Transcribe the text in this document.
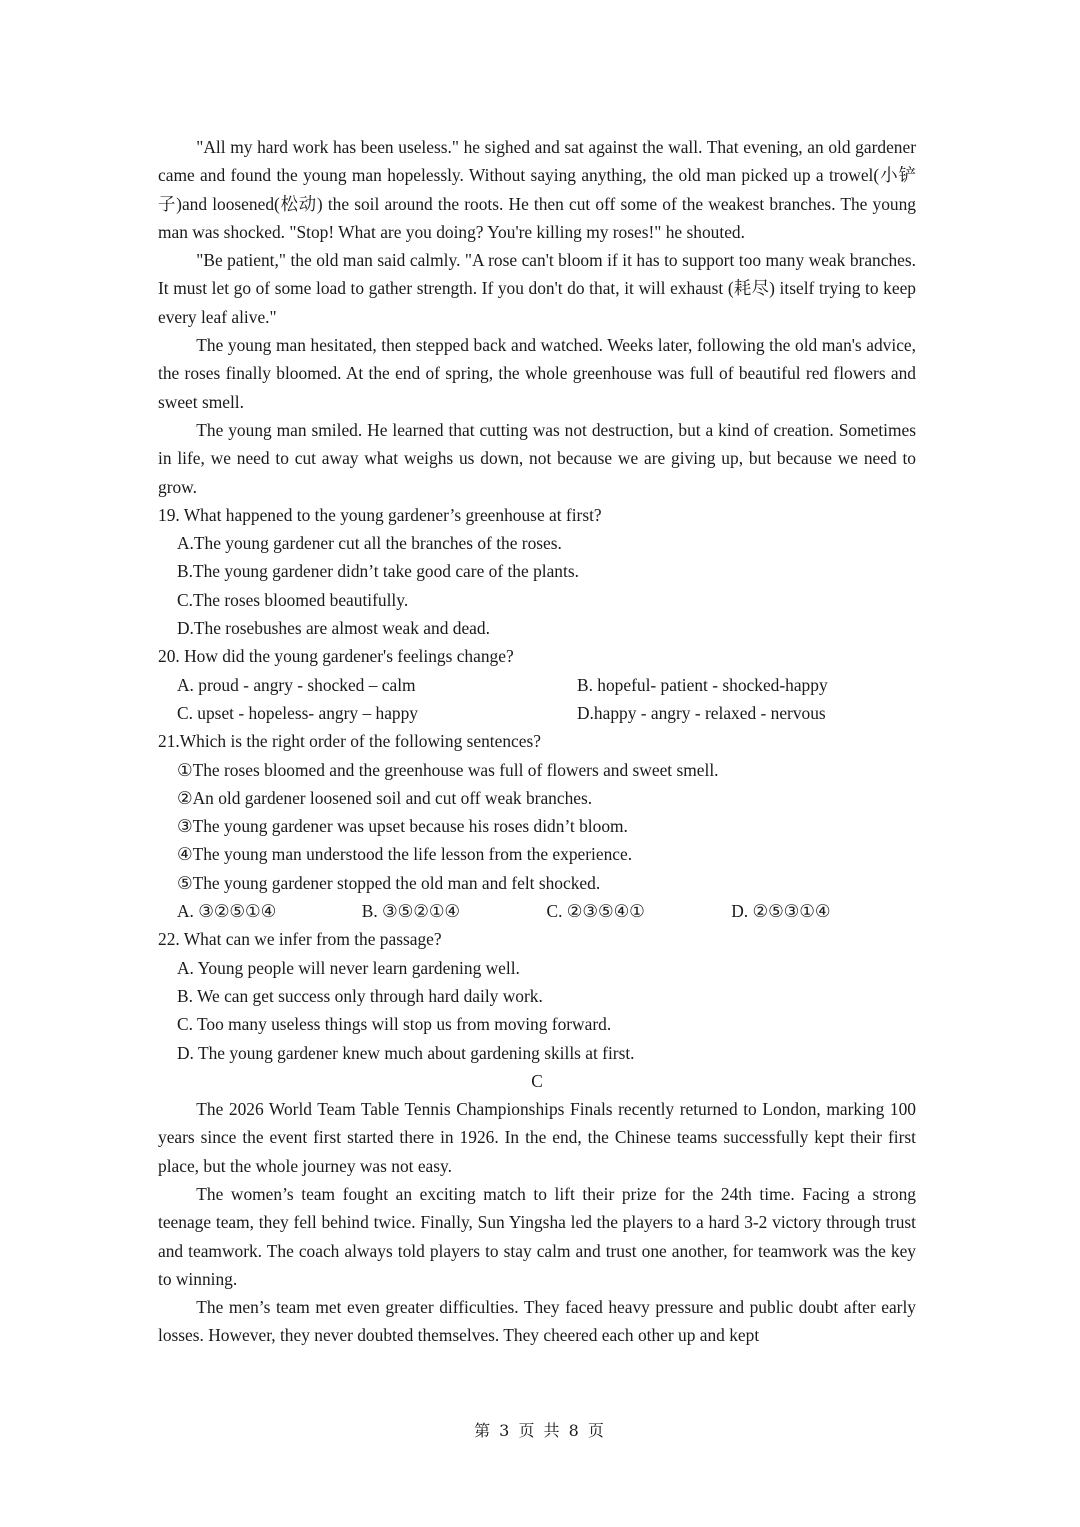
"All my hard work has been useless." he sighed and sat against the wall. That evening, an old gardener came and found the young man hopelessly. Without saying anything, the old man picked up a trowel(小铲子)and loosened(松动) the soil around the roots. He then cut off some of the weakest branches. The young man was shocked. "Stop! What are you doing? You're killing my roses!" he shouted.

"Be patient," the old man said calmly. "A rose can't bloom if it has to support too many weak branches. It must let go of some load to gather strength. If you don't do that, it will exhaust (耗尽) itself trying to keep every leaf alive."

The young man hesitated, then stepped back and watched. Weeks later, following the old man's advice, the roses finally bloomed. At the end of spring, the whole greenhouse was full of beautiful red flowers and sweet smell.

The young man smiled. He learned that cutting was not destruction, but a kind of creation. Sometimes in life, we need to cut away what weighs us down, not because we are giving up, but because we need to grow.

19. What happened to the young gardener’s greenhouse at first?

A.The young gardener cut all the branches of the roses.

B.The young gardener didn’t take good care of the plants.

C.The roses bloomed beautifully.

D.The rosebushes are almost weak and dead.

20. How did the young gardener's feelings change?

A. proud - angry - shocked – calm	B. hopeful- patient - shocked-happy
C. upset - hopeless- angry – happy	D.happy - angry - relaxed - nervous

21.Which is the right order of the following sentences?

①The roses bloomed and the greenhouse was full of flowers and sweet smell.

②An old gardener loosened soil and cut off weak branches.

③The young gardener was upset because his roses didn’t bloom.

④The young man understood the life lesson from the experience.

⑤The young gardener stopped the old man and felt shocked.

A. ③②⑤①④	B. ③⑤②①④	C. ②③⑤④①	D. ②⑤③①④

22. What can we infer from the passage?

A. Young people will never learn gardening well.

B. We can get success only through hard daily work.

C. Too many useless things will stop us from moving forward.

D. The young gardener knew much about gardening skills at first.

C

The 2026 World Team Table Tennis Championships Finals recently returned to London, marking 100 years since the event first started there in 1926. In the end, the Chinese teams successfully kept their first place, but the whole journey was not easy.

The women’s team fought an exciting match to lift their prize for the 24th time. Facing a strong teenage team, they fell behind twice. Finally, Sun Yingsha led the players to a hard 3-2 victory through trust and teamwork. The coach always told players to stay calm and trust one another, for teamwork was the key to winning.

The men’s team met even greater difficulties. They faced heavy pressure and public doubt after early losses. However, they never doubted themselves. They cheered each other up and kept

第 3 页 共 8 页
